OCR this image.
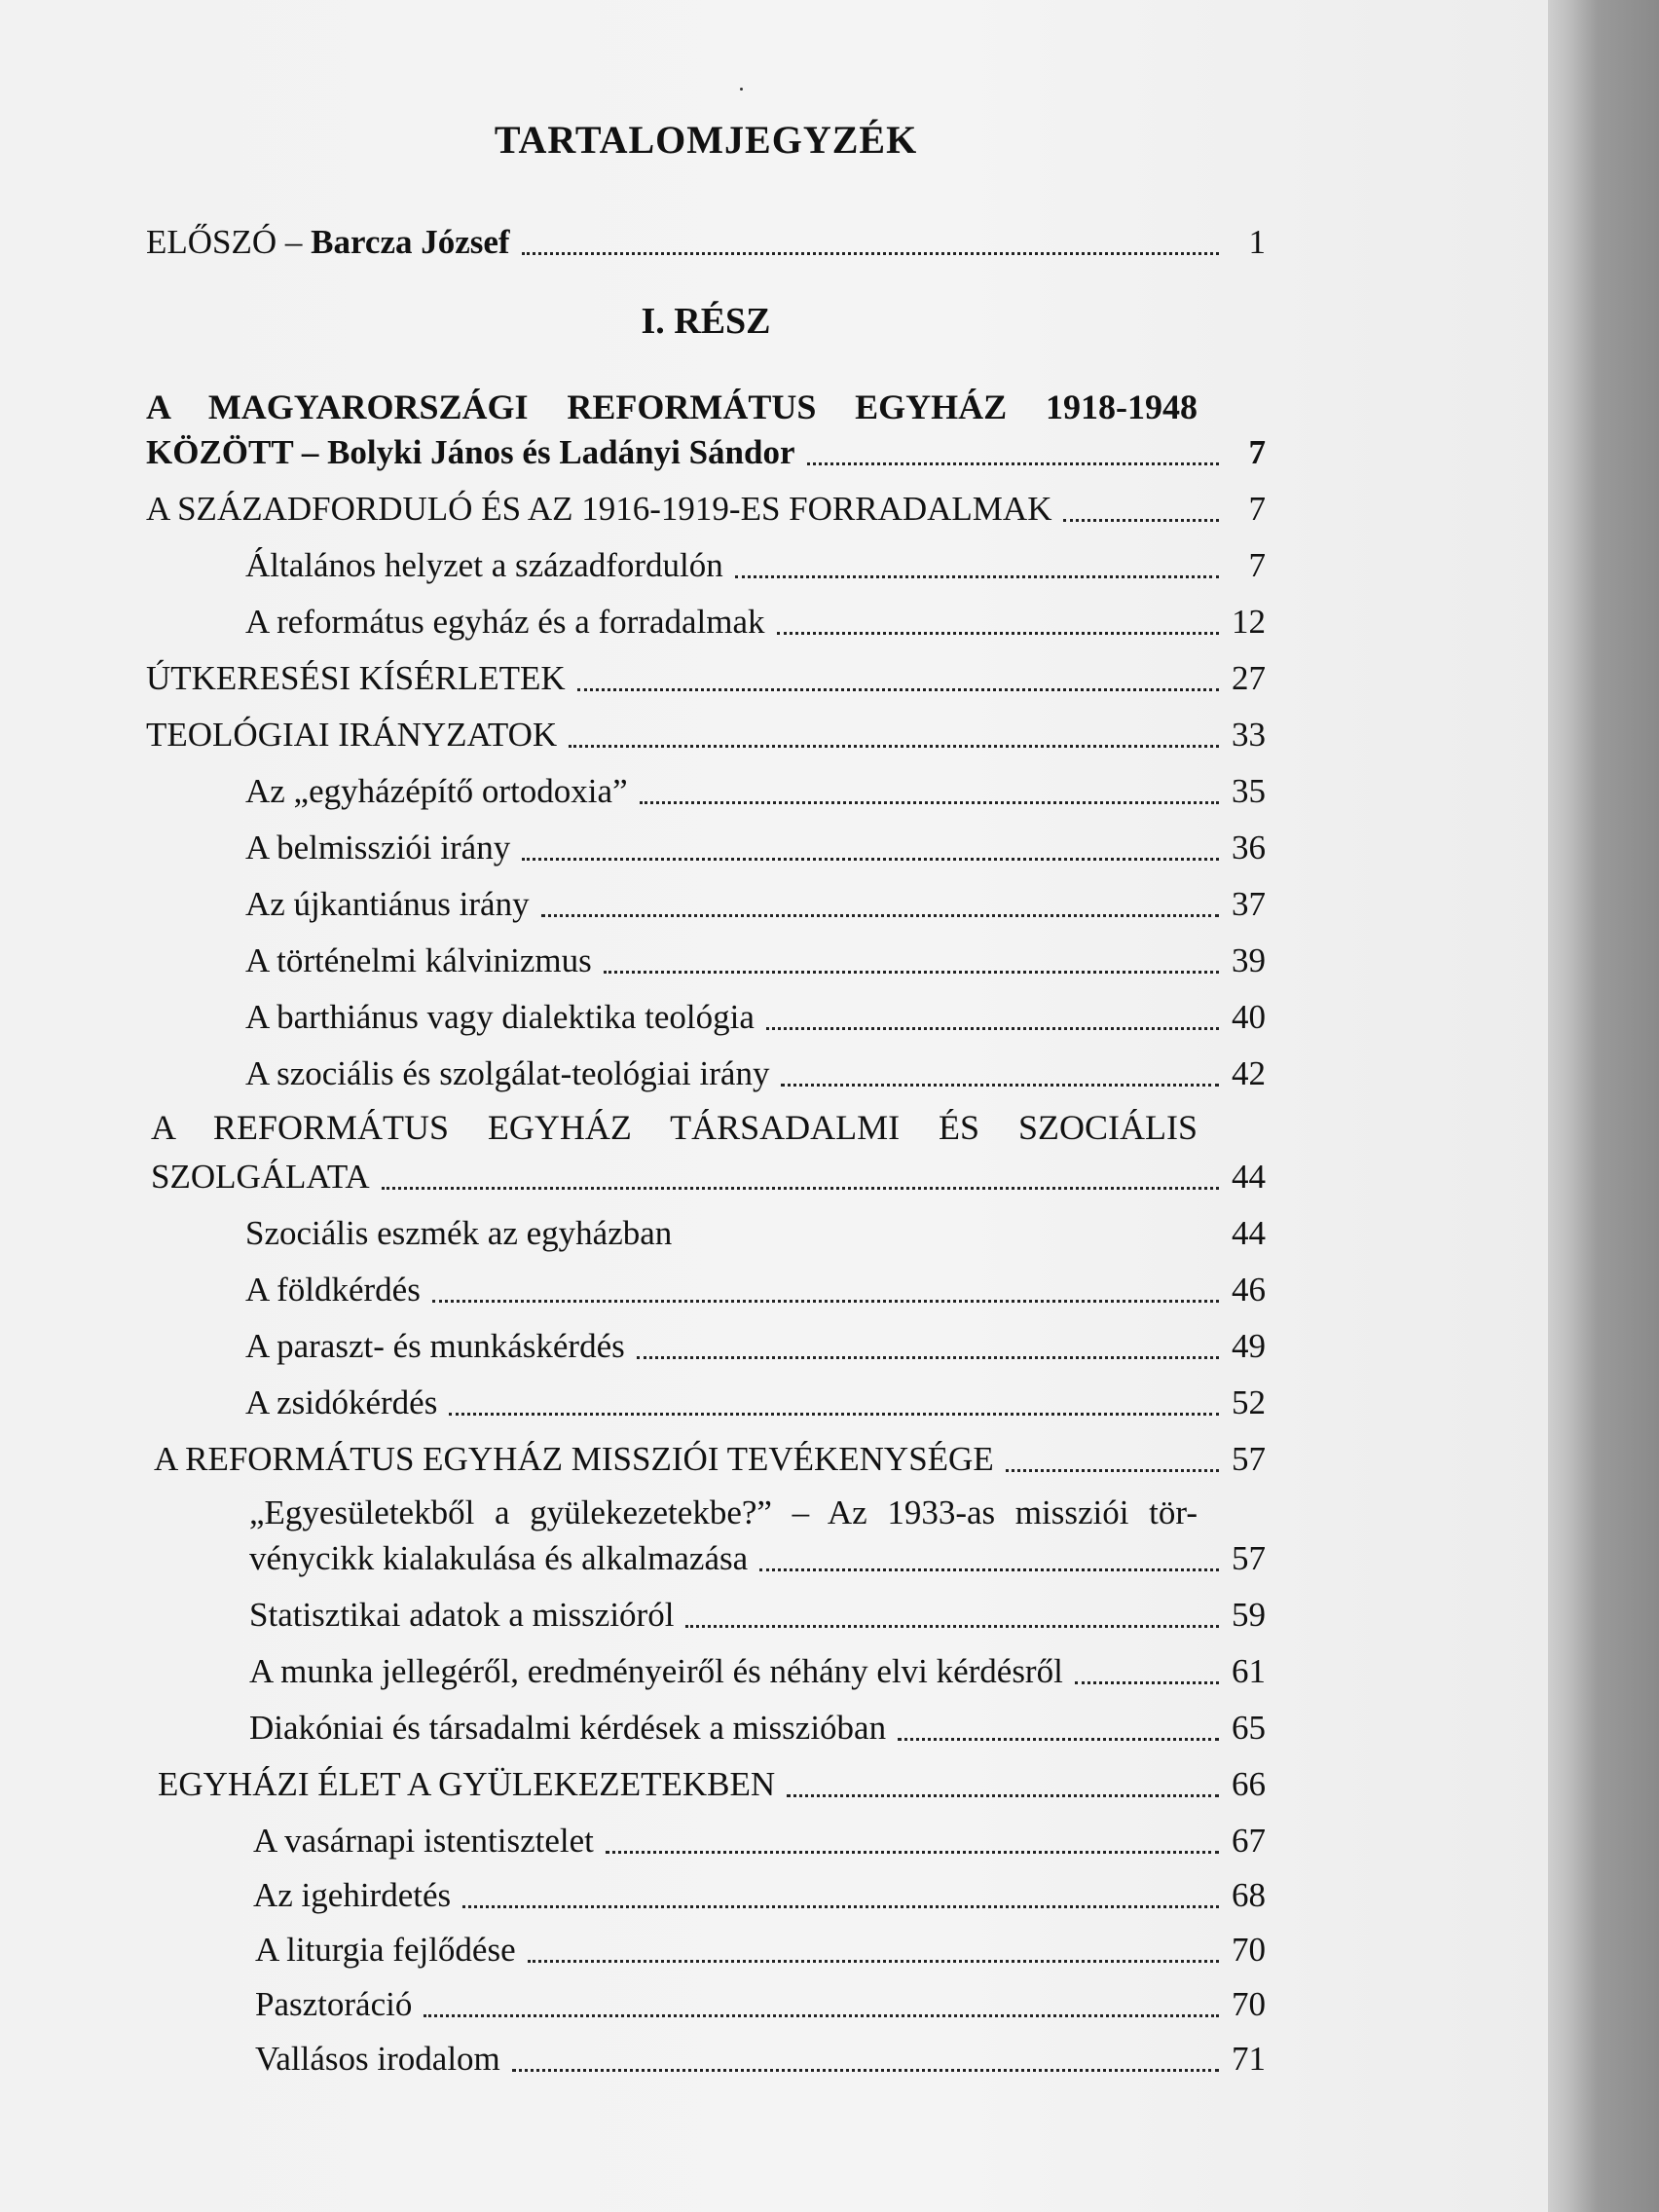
TARTALOMJEGYZÉK
ELŐSZÓ – Barcza József	1
I. RÉSZ
A MAGYARORSZÁGI REFORMÁTUS EGYHÁZ 1918-1948
KÖZÖTT – Bolyki János és Ladányi Sándor	7
A SZÁZADFORDULÓ ÉS AZ 1916-1919-ES FORRADALMAK	7
Általános helyzet a századfordulón	7
A református egyház és a forradalmak	12
ÚTKERESÉSI KÍSÉRLETEK	27
TEOLÓGIAI IRÁNYZATOK	33
Az „egyházépítő ortodoxia”	35
A belmissziói irány	36
Az újkantiánus irány	37
A történelmi kálvinizmus	39
A barthiánus vagy dialektika teológia	40
A szociális és szolgálat-teológiai irány	42
A REFORMÁTUS EGYHÁZ TÁRSADALMI ÉS SZOCIÁLIS
SZOLGÁLATA	44
Szociális eszmék az egyházban	44
A földkérdés	46
A paraszt- és munkáskérdés	49
A zsidókérdés	52
A REFORMÁTUS EGYHÁZ MISSZIÓI TEVÉKENYSÉGE	57
„Egyesületekből a gyülekezetekbe?” – Az 1933-as missziói tör-
vénycikk kialakulása és alkalmazása	57
Statisztikai adatok a misszióról	59
A munka jellegéről, eredményeiről és néhány elvi kérdésről	61
Diakóniai és társadalmi kérdések a misszióban	65
EGYHÁZI ÉLET A GYÜLEKEZETEKBEN	66
A vasárnapi istentisztelet	67
Az igehirdetés	68
A liturgia fejlődése	70
Pasztoráció	70
Vallásos irodalom	71
